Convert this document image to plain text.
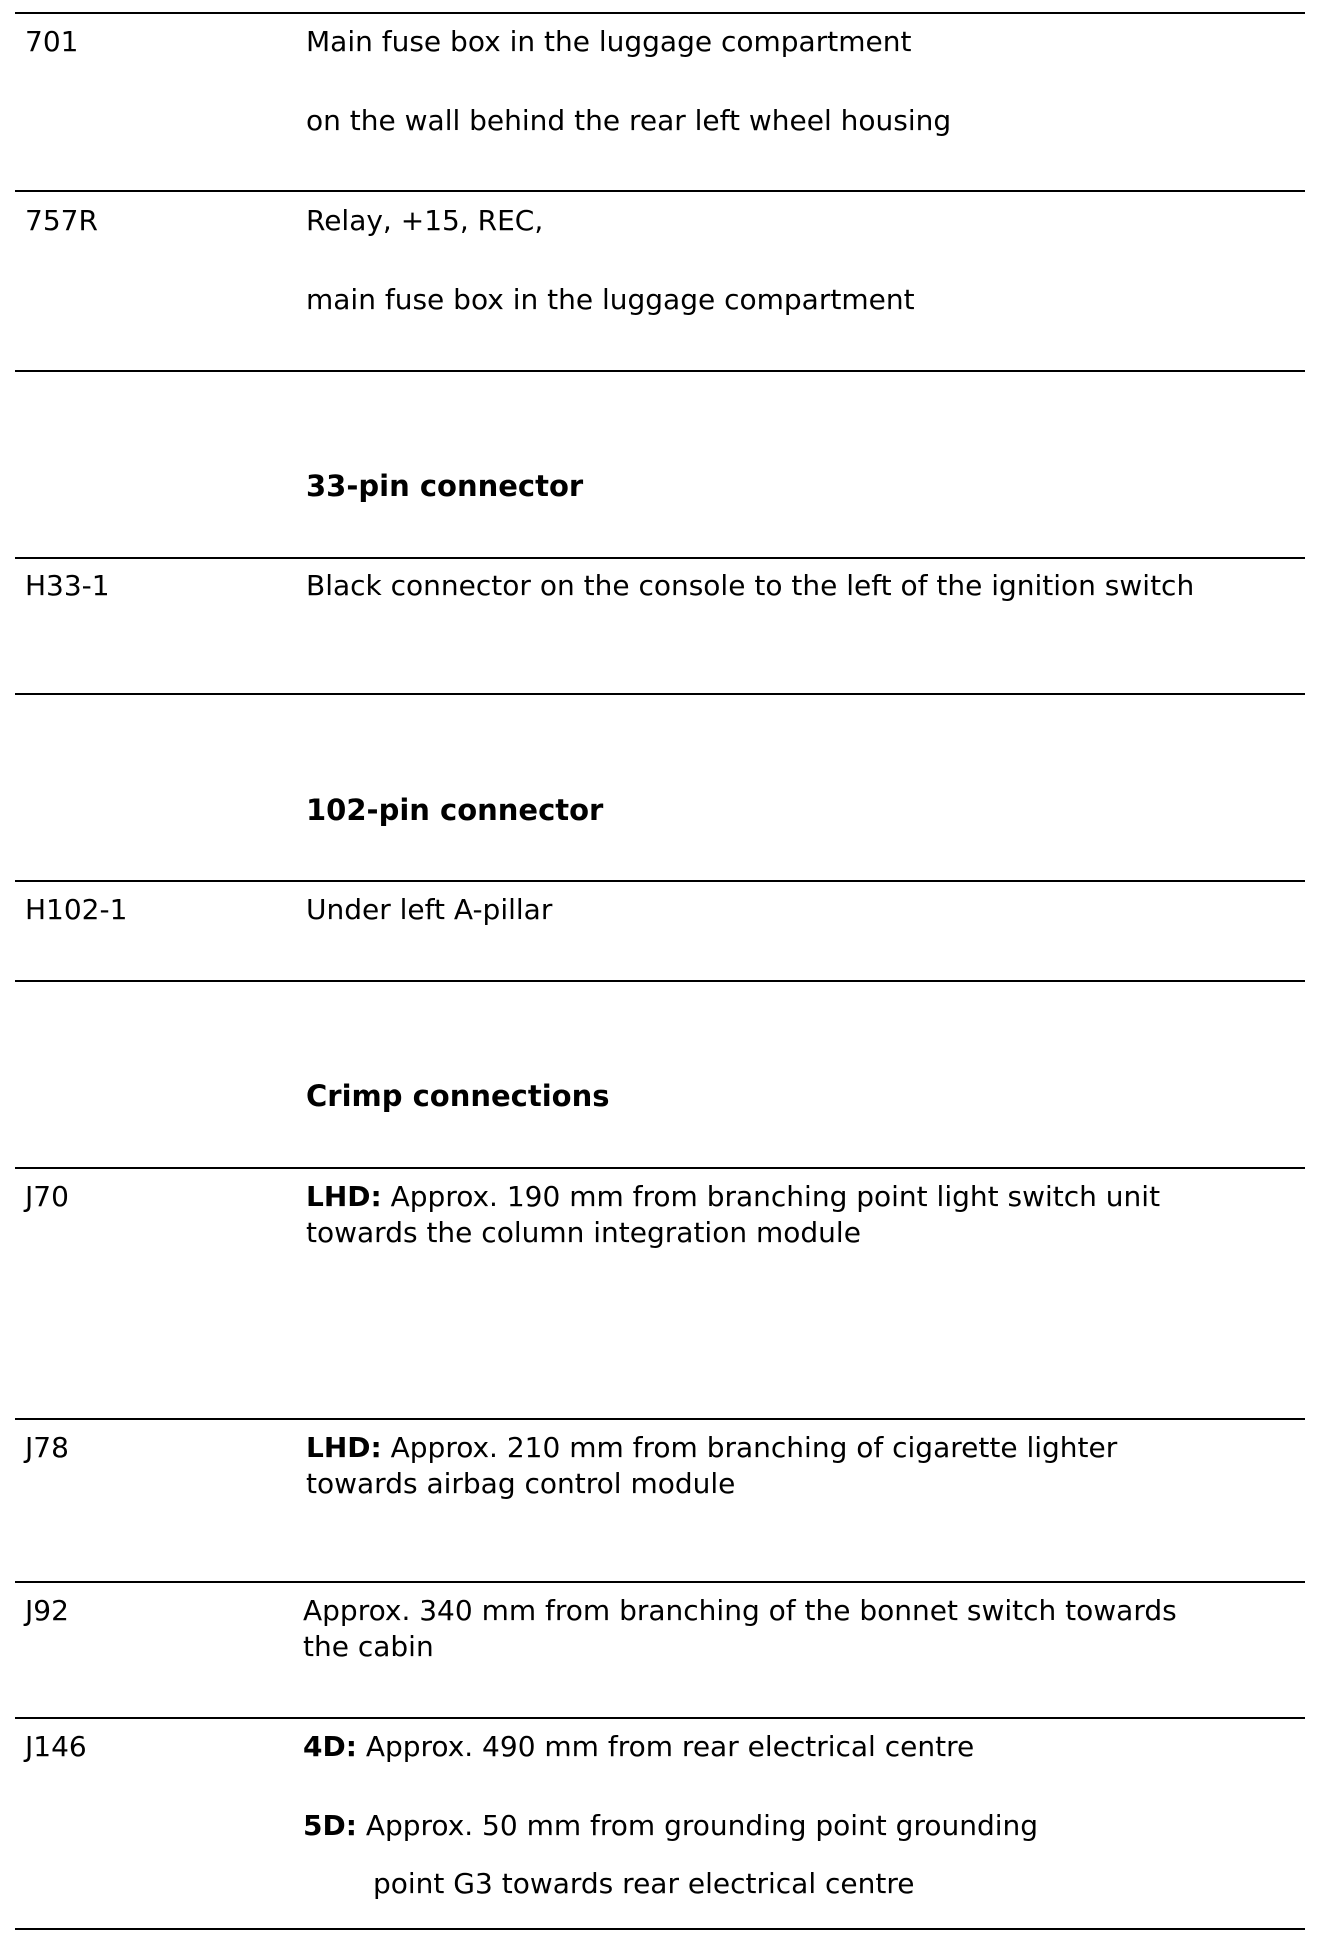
701	Main fuse box in the luggage compartment
on the wall behind the rear left wheel housing
757R	Relay, +15, REC,
main fuse box in the luggage compartment
33-pin connector
H33-1	Black connector on the console to the left of the ignition switch
102-pin connector
H102-1	Under left A-pillar
Crimp connections
J70	LHD: Approx. 190 mm from branching point light switch unit towards the column integration module
J78	LHD: Approx. 210 mm from branching of cigarette lighter towards airbag control module
J92	Approx. 340 mm from branching of the bonnet switch towards the cabin
J146	4D: Approx. 490 mm from rear electrical centre
5D: Approx. 50 mm from grounding point grounding
point G3 towards rear electrical centre
